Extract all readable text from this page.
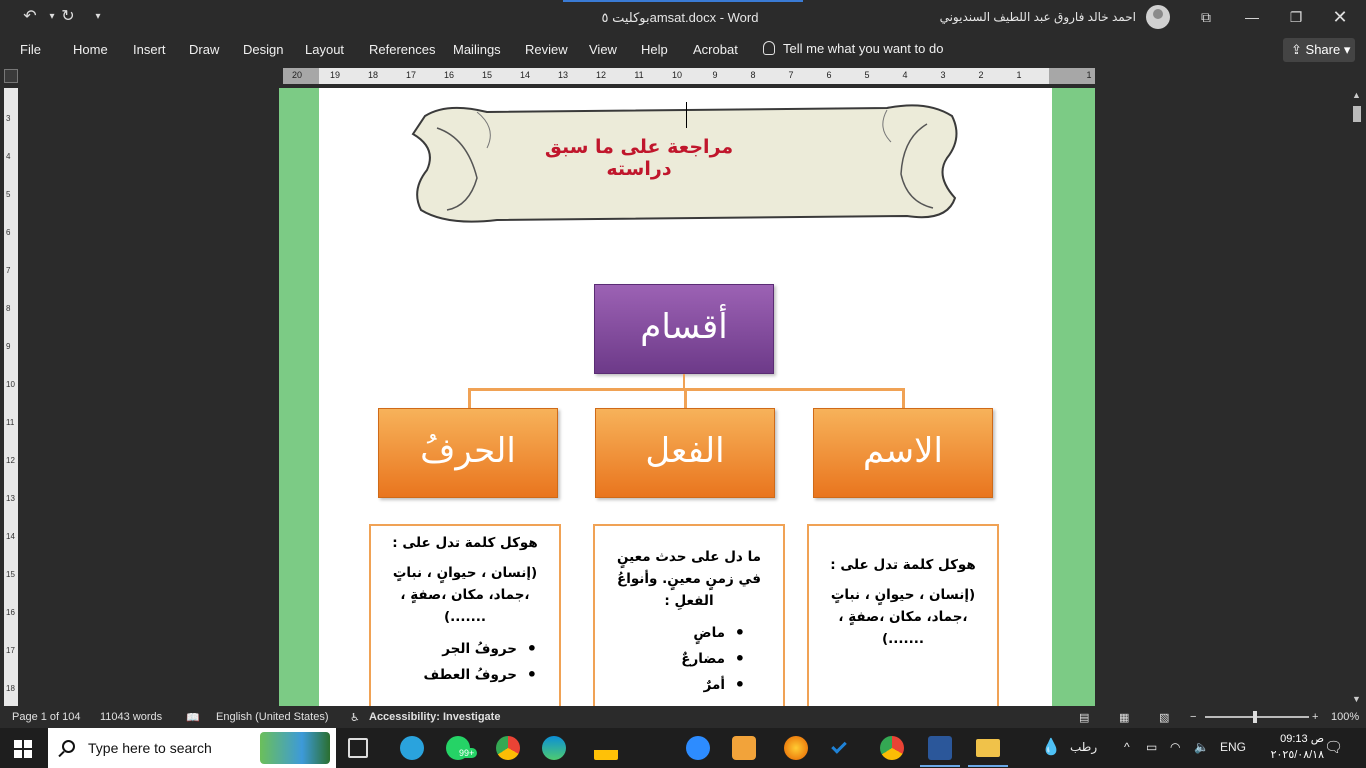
↶	▾ ↻	▾	بوكليت ٥amsat.docx - Word	احمد خالد فاروق عبد اللطيف السنديوني	⧉	—	❐	✕
File Home Insert Draw Design Layout References Mailings Review View Help Acrobat	Tell me what you want to do	⇪ Share ▾
20	19	18	17	16	15	14	13	12	11	10	9	8	7	6	5	4	3	2	1	1
3
4
5
6
7
8
9
10
11
12
13
14
15
16
17
18
مراجعة على ما سبق دراسته
أقسام
الحرفُ	الفعل	الاسم

هوكل كلمة تدل على :

(إنسان ، حيوانٍ ، نباتٍ ،جماد، مكان ،صفةٍ ، .......)

• حروفُ الجر
• حروفُ العطف

ما دل على حدث معينٍ في زمنٍ معينٍ. وأنواعُ الفعلِ :

• ماضٍ
• مضارعٌ
• أمرٌ

هوكل كلمة تدل على :

(إنسان ، حيوانٍ ، نباتٍ ،جماد، مكان ،صفةٍ ، .......)

▲
▼
Page 1 of 104 11043 words 📖 English (United States) ♿ Accessibility: Investigate	▤	▦	▧ −	+ 100%
Type here to search	99+	💧 رطب ^ ▭ ◠ 🔈 ENG
ص 09:13
٢٠٢٥/٠٨/١٨ 🗨
